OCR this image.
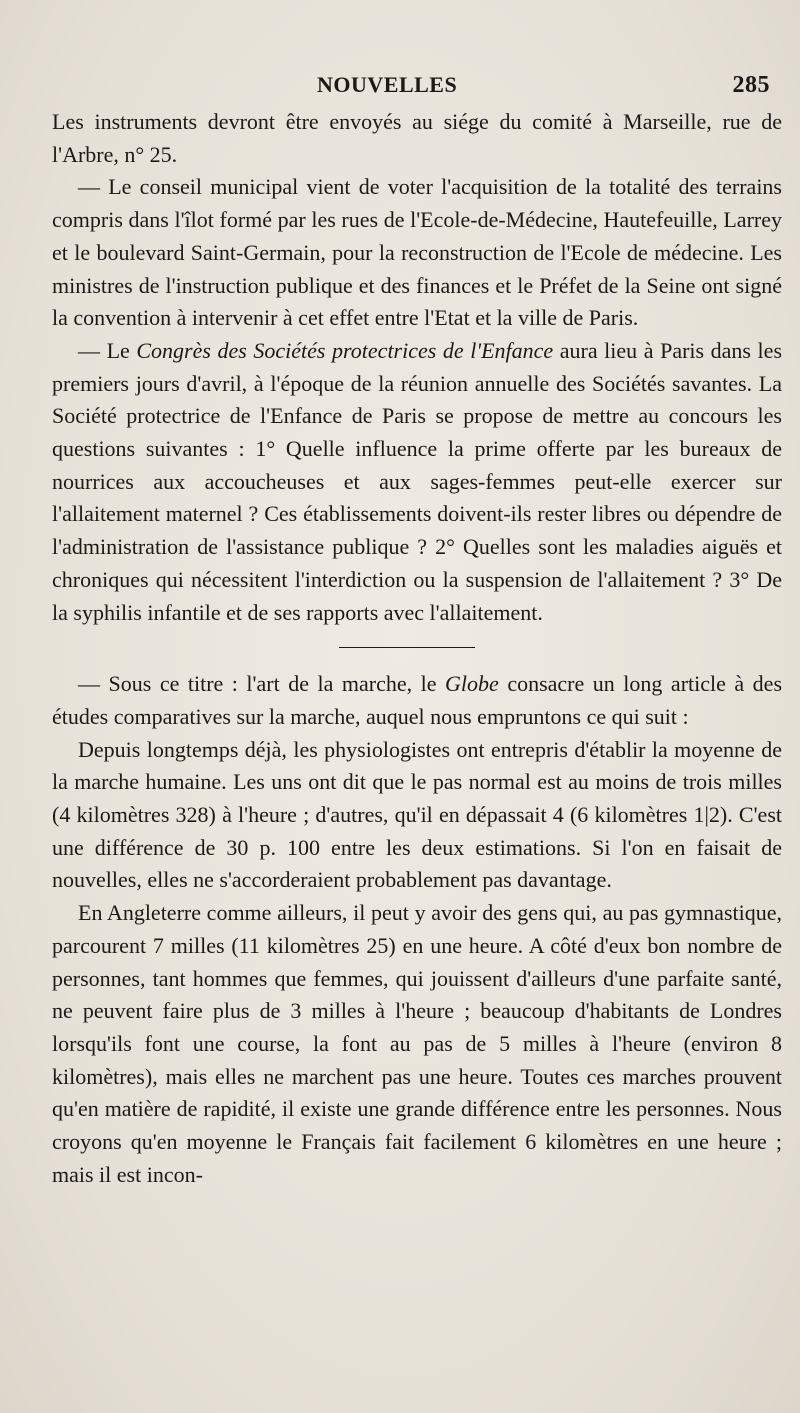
NOUVELLES	285

Les instruments devront être envoyés au siége du comité à Marseille, rue de l'Arbre, n° 25.

— Le conseil municipal vient de voter l'acquisition de la totalité des terrains compris dans l'îlot formé par les rues de l'Ecole-de-Médecine, Hautefeuille, Larrey et le boulevard Saint-Germain, pour la reconstruction de l'Ecole de médecine. Les ministres de l'instruction publique et des finances et le Préfet de la Seine ont signé la convention à intervenir à cet effet entre l'Etat et la ville de Paris.

— Le Congrès des Sociétés protectrices de l'Enfance aura lieu à Paris dans les premiers jours d'avril, à l'époque de la réunion annuelle des Sociétés savantes. La Société protectrice de l'Enfance de Paris se propose de mettre au concours les questions suivantes : 1° Quelle influence la prime offerte par les bureaux de nourrices aux accoucheuses et aux sages-femmes peut-elle exercer sur l'allaitement maternel ? Ces établissements doivent-ils rester libres ou dépendre de l'administration de l'assistance publique ? 2° Quelles sont les maladies aiguës et chroniques qui nécessitent l'interdiction ou la suspension de l'allaitement ? 3° De la syphilis infantile et de ses rapports avec l'allaitement.

— Sous ce titre : l'art de la marche, le Globe consacre un long article à des études comparatives sur la marche, auquel nous empruntons ce qui suit :

Depuis longtemps déjà, les physiologistes ont entrepris d'établir la moyenne de la marche humaine. Les uns ont dit que le pas normal est au moins de trois milles (4 kilomètres 328) à l'heure ; d'autres, qu'il en dépassait 4 (6 kilomètres 1|2). C'est une différence de 30 p. 100 entre les deux estimations. Si l'on en faisait de nouvelles, elles ne s'accorderaient probablement pas davantage.

En Angleterre comme ailleurs, il peut y avoir des gens qui, au pas gymnastique, parcourent 7 milles (11 kilomètres 25) en une heure. A côté d'eux bon nombre de personnes, tant hommes que femmes, qui jouissent d'ailleurs d'une parfaite santé, ne peuvent faire plus de 3 milles à l'heure ; beaucoup d'habitants de Londres lorsqu'ils font une course, la font au pas de 5 milles à l'heure (environ 8 kilomètres), mais elles ne marchent pas une heure. Toutes ces marches prouvent qu'en matière de rapidité, il existe une grande différence entre les personnes. Nous croyons qu'en moyenne le Français fait facilement 6 kilomètres en une heure ; mais il est incon-
